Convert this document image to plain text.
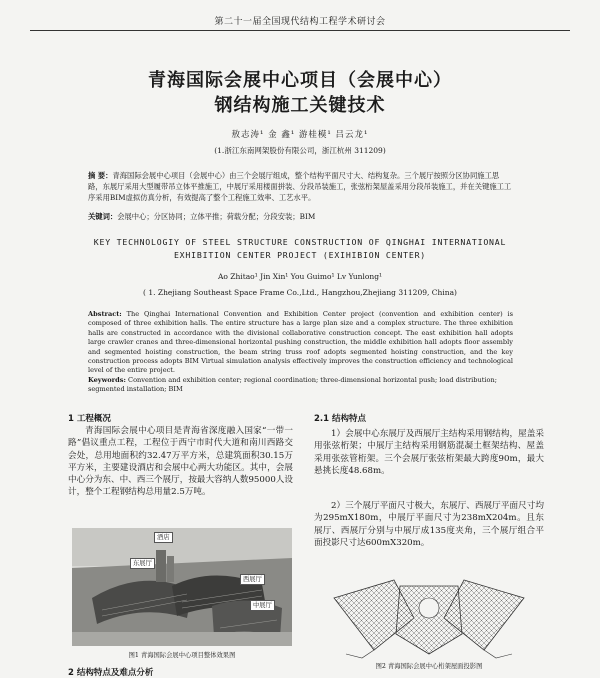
第二十一届全国现代结构工程学术研讨会
青海国际会展中心项目（会展中心）
钢结构施工关键技术
敖志涛¹ 金 鑫¹ 游桂模¹ 吕云龙¹
(1.浙江东南网架股份有限公司，浙江杭州 311209)
摘 要：青海国际会展中心项目（会展中心）由三个会展厅组成，整个结构平面尺寸大、结构复杂。三个展厅按照分区协同施工思路，东展厅采用大型履带吊立体平推施工，中展厅采用楼面拼装、分段吊装施工，张弦桁架屋盖采用分段吊装施工，并在关键施工工序采用BIM虚拟仿真分析，有效提高了整个工程施工效率、工艺水平。
关键词：会展中心；分区协同；立体平推；荷载分配；分段安装；BIM
KEY TECHNOLOGIY OF STEEL STRUCTURE CONSTRUCTION OF QINGHAI INTERNATIONAL
EXHIBITION CENTER PROJECT (EXIHIBION CENTER)
Ao Zhitao¹ Jin Xin¹ You Guimo¹ Lv Yunlong¹
( 1. Zhejiang Southeast Space Frame Co.,Ltd., Hangzhou,Zhejiang 311209, China)
Abstract: The Qinghai International Convention and Exhibition Center project (convention and exhibition center) is composed of three exhibition halls. The entire structure has a large plan size and a complex structure. The three exhibition halls are constructed in accordance with the divisional collaborative construction concept. The east exhibition hall adopts large crawler cranes and three-dimensional horizontal pushing construction, the middle exhibition hall adopts floor assembly and segmented hoisting construction, the beam string truss roof adopts segmented hoisting construction, and the key construction process adopts BIM Virtual simulation analysis effectively improves the construction efficiency and technological level of the entire project.
Keywords: Convention and exhibition center; regional coordination; three-dimensional horizontal push; load distribution; segmented installation; BIM
1 工程概况
青海国际会展中心项目是青海省深度融入国家“一带一路”倡议重点工程，工程位于西宁市时代大道和南川西路交会处，总用地面积约32.47万平方米，总建筑面积30.15万平方米，主要建设酒店和会展中心两大功能区。其中，会展中心分为东、中、西三个展厅，按最大容纳人数95000人设计，整个工程钢结构总用量2.5万吨。
酒店
东展厅
西展厅
中展厅
图1 青海国际会展中心项目整体效果图
2.1 结构特点
1）会展中心东展厅及西展厅主结构采用钢结构，屋盖采用张弦桁架；中展厅主结构采用钢筋混凝土框架结构、屋盖采用张弦管桁架。三个会展厅张弦桁架最大跨度90m，最大悬挑长度48.68m。
2）三个展厅平面尺寸极大，东展厅、西展厅平面尺寸均为295mX180m，中展厅平面尺寸为238mX204m。且东展厅、西展厅分别与中展厅成135度夹角，三个展厅组合平面投影尺寸达600mX320m。
图2 青海国际会展中心桁架屋面投影图
2 结构特点及难点分析
